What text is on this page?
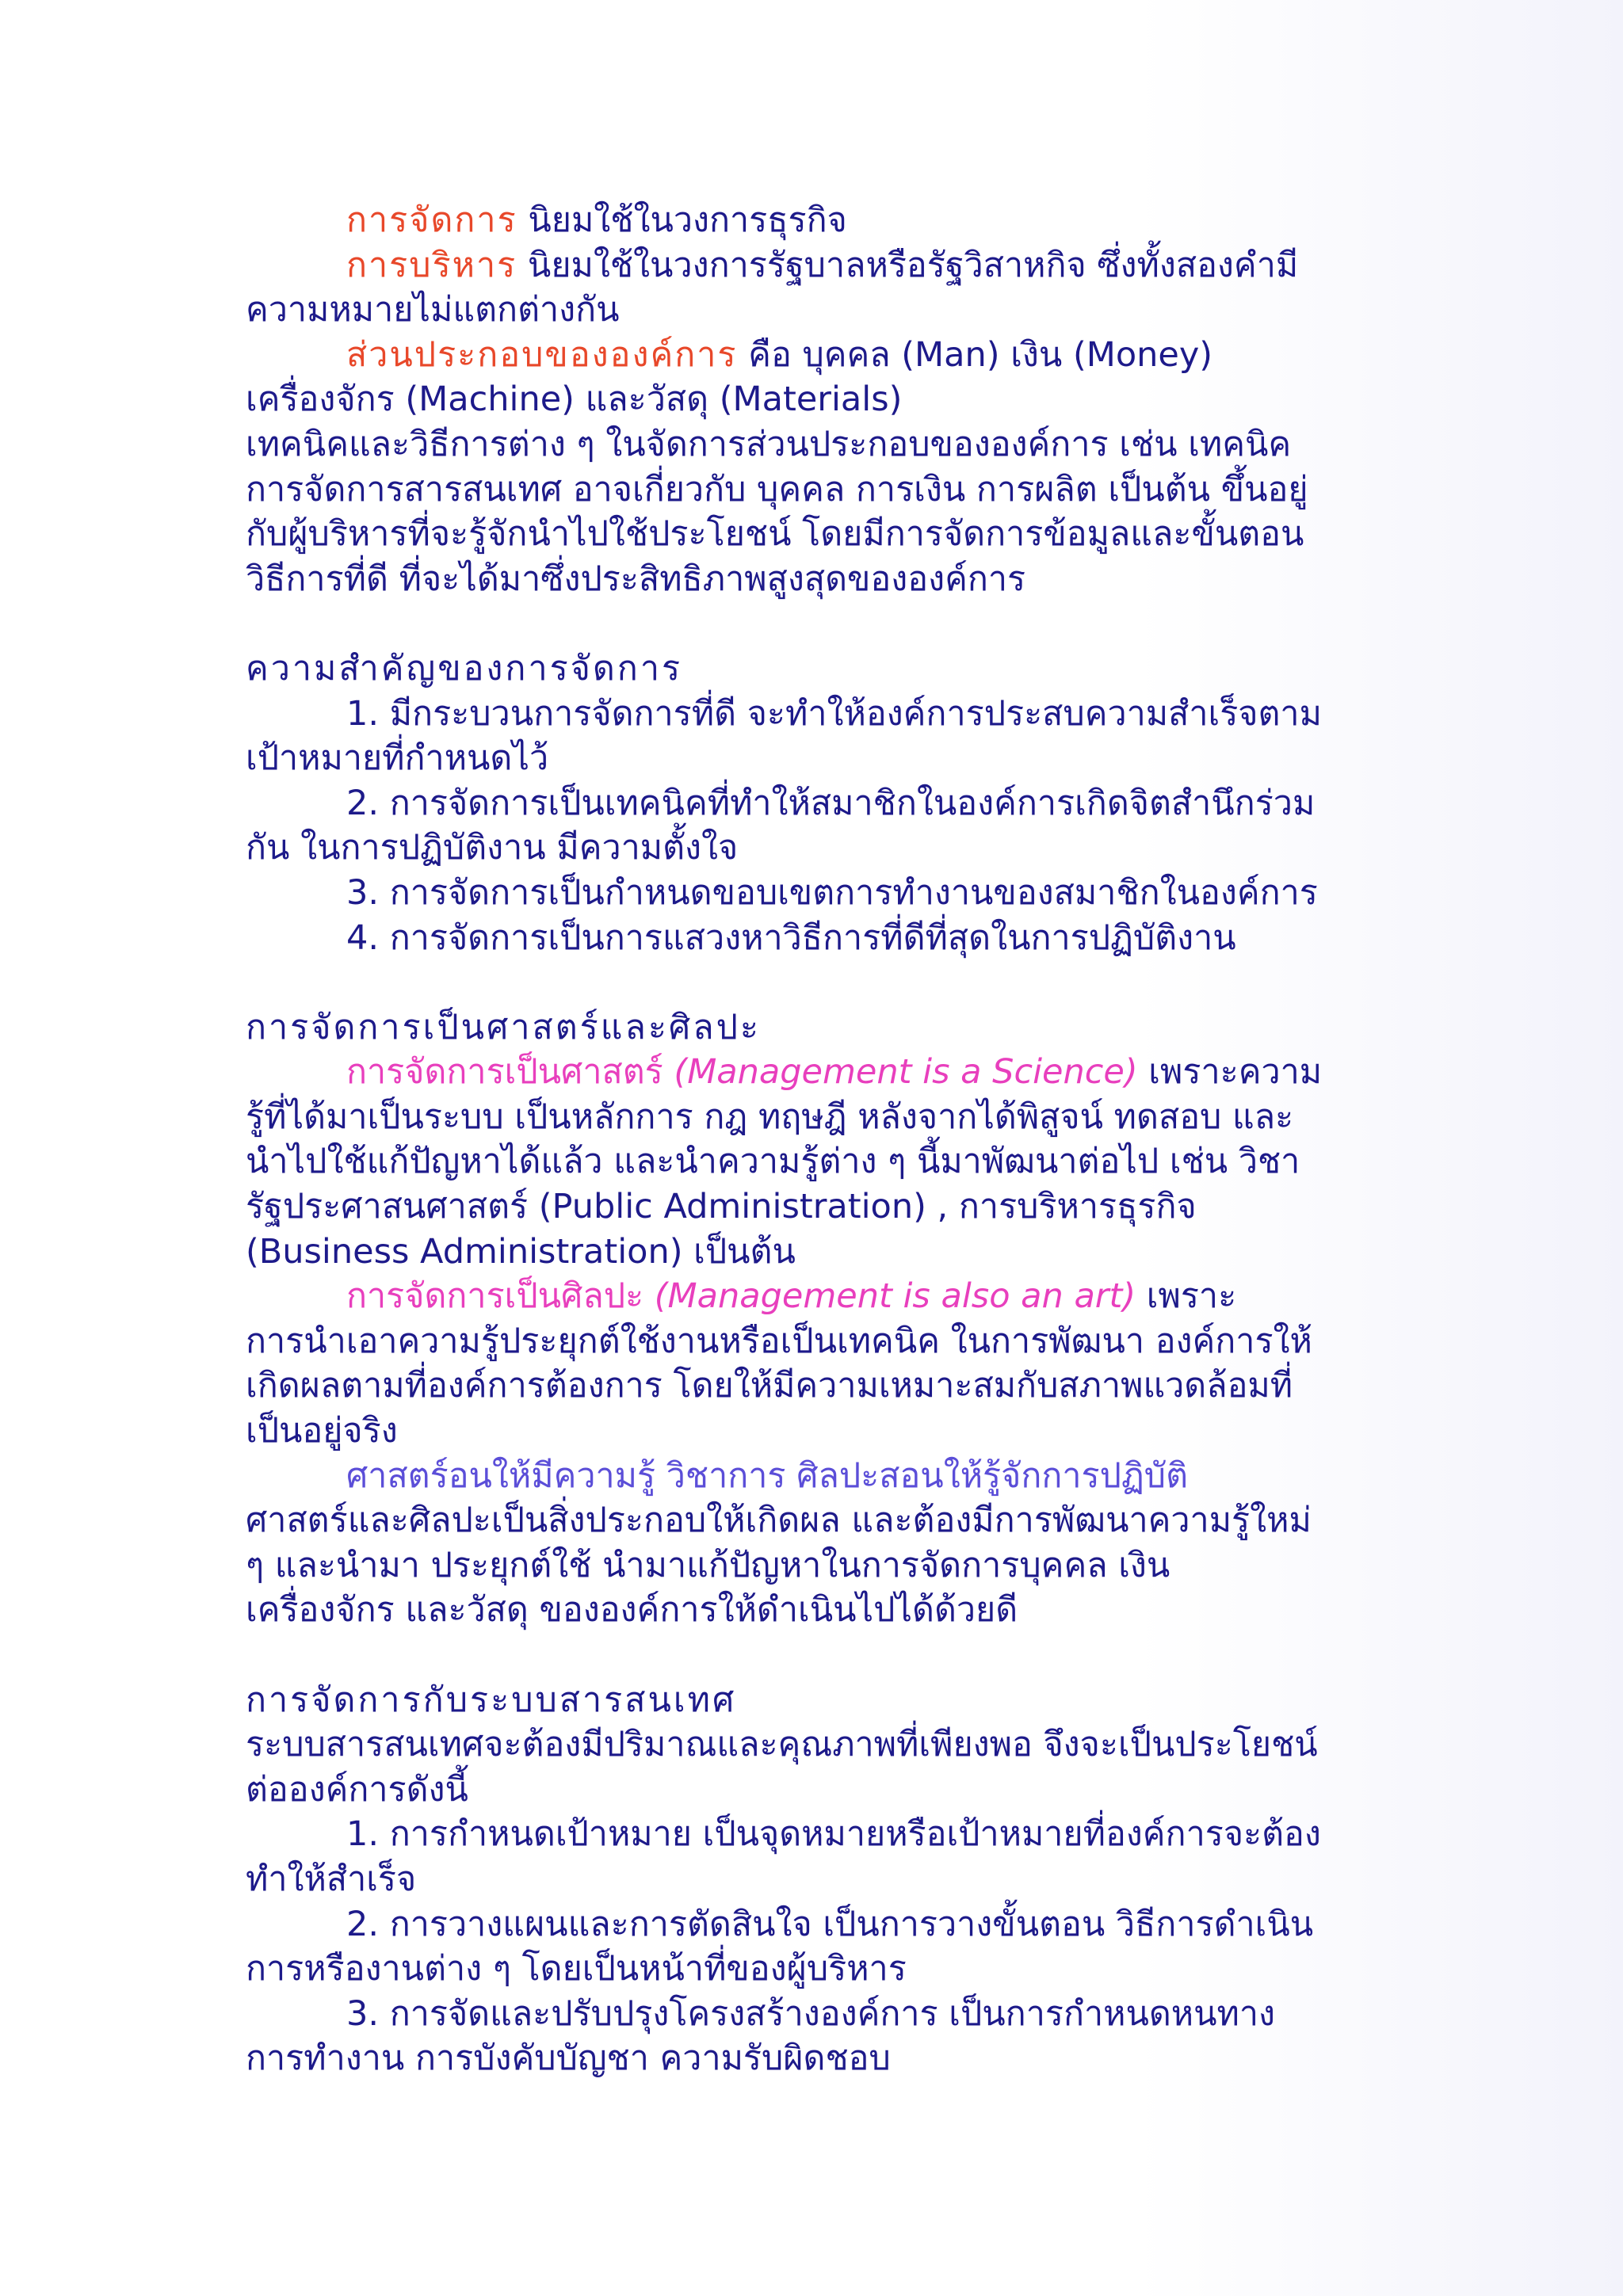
การจัดการ นิยมใช้ในวงการธุรกิจ
การบริหาร นิยมใช้ในวงการรัฐบาลหรือรัฐวิสาหกิจ ซึ่งทั้งสองคำมี
ความหมายไม่แตกต่างกัน
ส่วนประกอบขององค์การ คือ บุคคล (Man) เงิน (Money)
เครื่องจักร (Machine) และวัสดุ (Materials)
เทคนิคและวิธีการต่าง ๆ ในจัดการส่วนประกอบขององค์การ เช่น เทคนิค
การจัดการสารสนเทศ อาจเกี่ยวกับ บุคคล การเงิน การผลิต เป็นต้น ขึ้นอยู่
กับผู้บริหารที่จะรู้จักนำไปใช้ประโยชน์ โดยมีการจัดการข้อมูลและขั้นตอน
วิธีการที่ดี ที่จะได้มาซึ่งประสิทธิภาพสูงสุดขององค์การ
ความสำคัญของการจัดการ
1. มีกระบวนการจัดการที่ดี จะทำให้องค์การประสบความสำเร็จตาม
เป้าหมายที่กำหนดไว้
2. การจัดการเป็นเทคนิคที่ทำให้สมาชิกในองค์การเกิดจิตสำนึกร่วม
กัน ในการปฏิบัติงาน มีความตั้งใจ
3. การจัดการเป็นกำหนดขอบเขตการทำงานของสมาชิกในองค์การ
4. การจัดการเป็นการแสวงหาวิธีการที่ดีที่สุดในการปฏิบัติงาน
การจัดการเป็นศาสตร์และศิลปะ
การจัดการเป็นศาสตร์ (Management is a Science) เพราะความ
รู้ที่ได้มาเป็นระบบ เป็นหลักการ กฎ ทฤษฎี หลังจากได้พิสูจน์ ทดสอบ และ
นำไปใช้แก้ปัญหาได้แล้ว และนำความรู้ต่าง ๆ นี้มาพัฒนาต่อไป เช่น วิชา
รัฐประศาสนศาสตร์ (Public Administration) , การบริหารธุรกิจ
(Business Administration) เป็นต้น
การจัดการเป็นศิลปะ (Management is also an art) เพราะ
การนำเอาความรู้ประยุกต์ใช้งานหรือเป็นเทคนิค ในการพัฒนา องค์การให้
เกิดผลตามที่องค์การต้องการ โดยให้มีความเหมาะสมกับสภาพแวดล้อมที่
เป็นอยู่จริง
ศาสตร์อนให้มีความรู้ วิชาการ ศิลปะสอนให้รู้จักการปฏิบัติ
ศาสตร์และศิลปะเป็นสิ่งประกอบให้เกิดผล และต้องมีการพัฒนาความรู้ใหม่
ๆ และนำมา ประยุกต์ใช้ นำมาแก้ปัญหาในการจัดการบุคคล เงิน
เครื่องจักร และวัสดุ ขององค์การให้ดำเนินไปได้ด้วยดี
การจัดการกับระบบสารสนเทศ
ระบบสารสนเทศจะต้องมีปริมาณและคุณภาพที่เพียงพอ จึงจะเป็นประโยชน์
ต่อองค์การดังนี้
1. การกำหนดเป้าหมาย เป็นจุดหมายหรือเป้าหมายที่องค์การจะต้อง
ทำให้สำเร็จ
2. การวางแผนและการตัดสินใจ เป็นการวางขั้นตอน วิธีการดำเนิน
การหรืองานต่าง ๆ โดยเป็นหน้าที่ของผู้บริหาร
3. การจัดและปรับปรุงโครงสร้างองค์การ เป็นการกำหนดหนทาง
การทำงาน การบังคับบัญชา ความรับผิดชอบ
